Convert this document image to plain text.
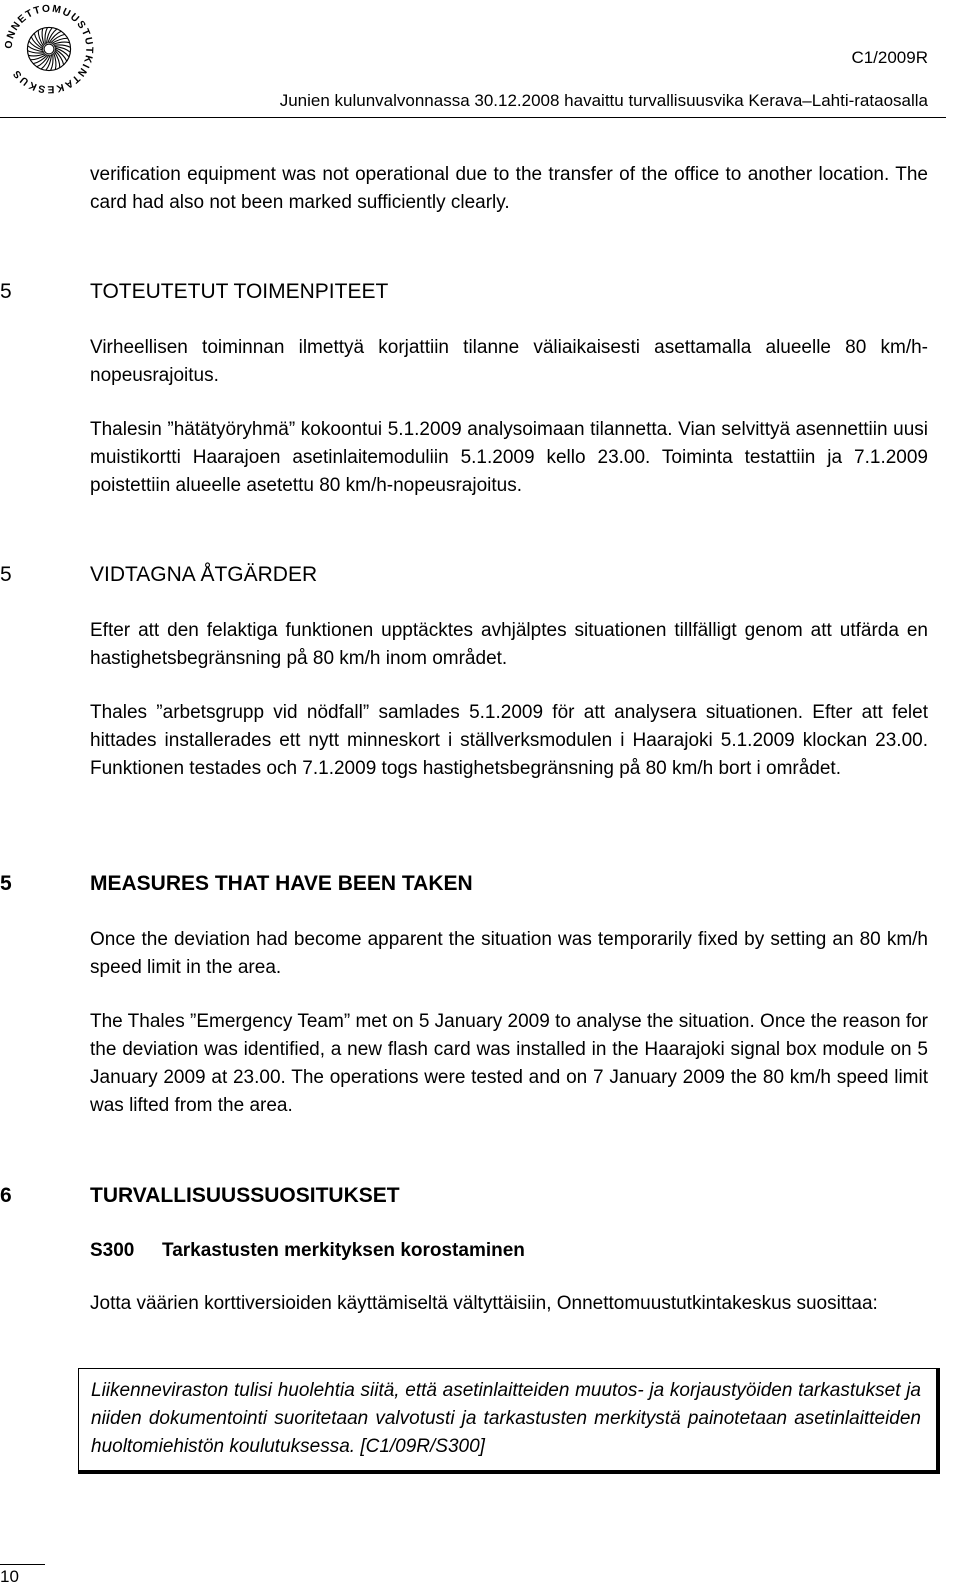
ONNETTOMUUSTUTKINTAKESKUS
C1/2009R
Junien kulunvalvonnassa 30.12.2008 havaittu turvallisuusvika Kerava–Lahti-rataosalla

verification equipment was not operational due to the transfer of the office to another location. The card had also not been marked sufficiently clearly.

5	TOTEUTETUT TOIMENPITEET

Virheellisen toiminnan ilmettyä korjattiin tilanne väliaikaisesti asettamalla alueelle 80 km/h-nopeusrajoitus.

Thalesin ”hätätyöryhmä” kokoontui 5.1.2009 analysoimaan tilannetta. Vian selvittyä asennettiin uusi muistikortti Haarajoen asetinlaitemoduliin 5.1.2009 kello 23.00. Toiminta testattiin ja 7.1.2009 poistettiin alueelle asetettu 80 km/h-nopeusrajoitus.

5	VIDTAGNA ÅTGÄRDER

Efter att den felaktiga funktionen upptäcktes avhjälptes situationen tillfälligt genom att utfärda en hastighetsbegränsning på 80 km/h inom området.

Thales ”arbetsgrupp vid nödfall” samlades 5.1.2009 för att analysera situationen. Efter att felet hittades installerades ett nytt minneskort i ställverksmodulen i Haarajoki 5.1.2009 klockan 23.00. Funktionen testades och 7.1.2009 togs hastighetsbegränsning på 80 km/h bort i området.

5	MEASURES THAT HAVE BEEN TAKEN

Once the deviation had become apparent the situation was temporarily fixed by setting an 80 km/h speed limit in the area.

The Thales ”Emergency Team” met on 5 January 2009 to analyse the situation. Once the reason for the deviation was identified, a new flash card was installed in the Haarajoki signal box module on 5 January 2009 at 23.00. The operations were tested and on 7 January 2009 the 80 km/h speed limit was lifted from the area.

6	TURVALLISUUSSUOSITUKSET
S300 Tarkastusten merkityksen korostaminen

Jotta väärien korttiversioiden käyttämiseltä vältyttäisiin, Onnettomuustutkintakeskus suosittaa:

Liikenneviraston tulisi huolehtia siitä, että asetinlaitteiden muutos- ja korjaustyöiden tarkastukset ja niiden dokumentointi suoritetaan valvotusti ja tarkastusten merkitystä painotetaan asetinlaitteiden huoltomiehistön koulutuksessa. [C1/09R/S300]

10
